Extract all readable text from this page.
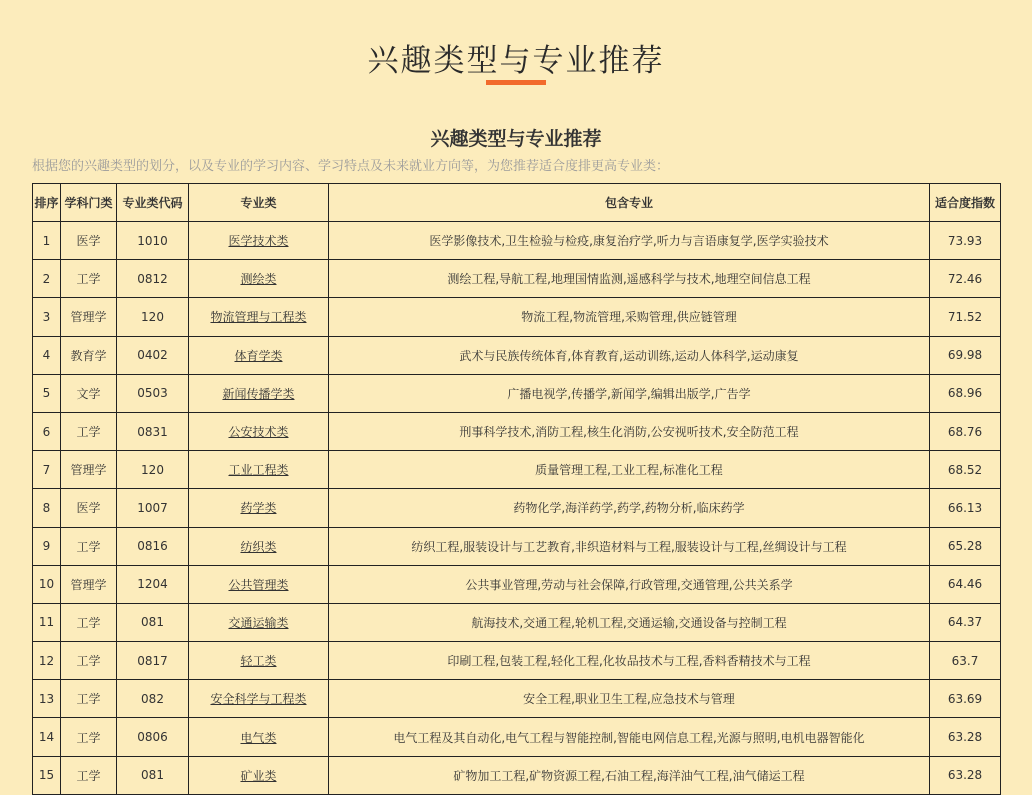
兴趣类型与专业推荐
兴趣类型与专业推荐
根据您的兴趣类型的划分，以及专业的学习内容、学习特点及未来就业方向等，为您推荐适合度排更高专业类：
排序	学科门类	专业类代码	专业类	包含专业	适合度指数
1	医学	1010	医学技术类	医学影像技术,卫生检验与检疫,康复治疗学,听力与言语康复学,医学实验技术	73.93
2	工学	0812	测绘类	测绘工程,导航工程,地理国情监测,遥感科学与技术,地理空间信息工程	72.46
3	管理学	120	物流管理与工程类	物流工程,物流管理,采购管理,供应链管理	71.52
4	教育学	0402	体育学类	武术与民族传统体育,体育教育,运动训练,运动人体科学,运动康复	69.98
5	文学	0503	新闻传播学类	广播电视学,传播学,新闻学,编辑出版学,广告学	68.96
6	工学	0831	公安技术类	刑事科学技术,消防工程,核生化消防,公安视听技术,安全防范工程	68.76
7	管理学	120	工业工程类	质量管理工程,工业工程,标准化工程	68.52
8	医学	1007	药学类	药物化学,海洋药学,药学,药物分析,临床药学	66.13
9	工学	0816	纺织类	纺织工程,服装设计与工艺教育,非织造材料与工程,服装设计与工程,丝绸设计与工程	65.28
10	管理学	1204	公共管理类	公共事业管理,劳动与社会保障,行政管理,交通管理,公共关系学	64.46
11	工学	081	交通运输类	航海技术,交通工程,轮机工程,交通运输,交通设备与控制工程	64.37
12	工学	0817	轻工类	印刷工程,包装工程,轻化工程,化妆品技术与工程,香料香精技术与工程	63.7
13	工学	082	安全科学与工程类	安全工程,职业卫生工程,应急技术与管理	63.69
14	工学	0806	电气类	电气工程及其自动化,电气工程与智能控制,智能电网信息工程,光源与照明,电机电器智能化	63.28
15	工学	081	矿业类	矿物加工工程,矿物资源工程,石油工程,海洋油气工程,油气储运工程	63.28
